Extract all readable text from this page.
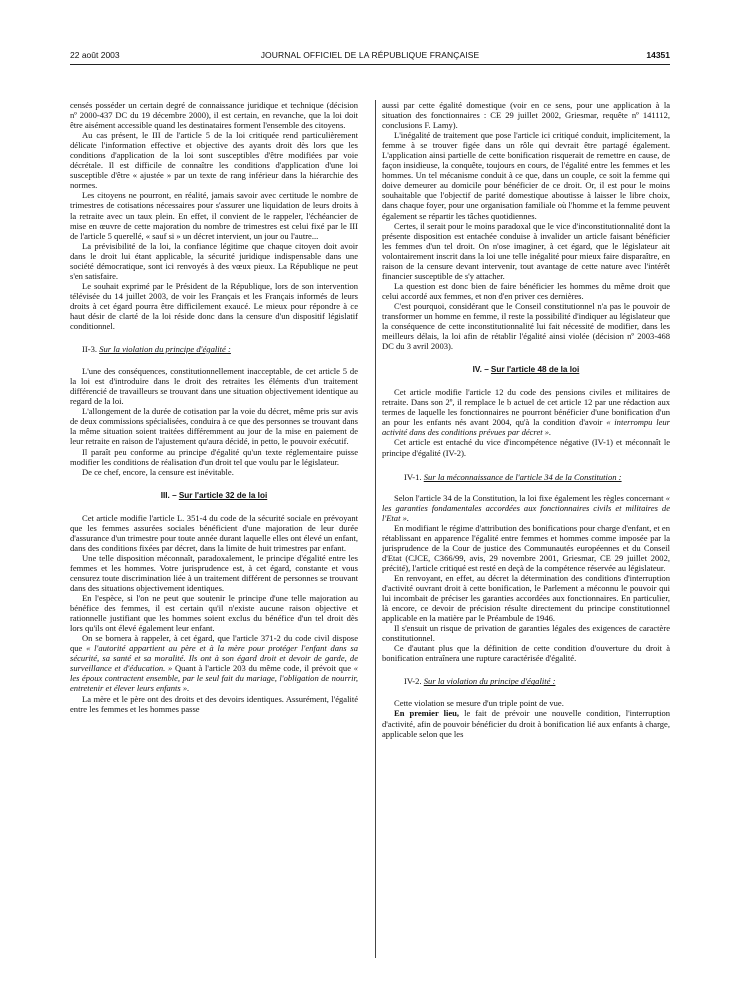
22 août 2003	JOURNAL OFFICIEL DE LA RÉPUBLIQUE FRANÇAISE	14351

censés posséder un certain degré de connaissance juridique et technique (décision nº 2000-437 DC du 19 décembre 2000), il est certain, en revanche, que la loi doit être aisément accessible quand les destinataires forment l'ensemble des citoyens.

Au cas présent, le III de l'article 5 de la loi critiquée rend particulièrement délicate l'information effective et objective des ayants droit dès lors que les conditions d'application de la loi sont susceptibles d'être modifiées par voie décrétale. Il est difficile de connaître les conditions d'application d'une loi susceptible d'être « ajustée » par un texte de rang inférieur dans la hiérarchie des normes.

Les citoyens ne pourront, en réalité, jamais savoir avec certitude le nombre de trimestres de cotisations nécessaires pour s'assurer une liquidation de leurs droits à la retraite avec un taux plein. En effet, il convient de le rappeler, l'échéancier de mise en œuvre de cette majoration du nombre de trimestres est celui fixé par le III de l'article 5 querellé, « sauf si » un décret intervient, un jour ou l'autre...

La prévisibilité de la loi, la confiance légitime que chaque citoyen doit avoir dans le droit lui étant applicable, la sécurité juridique indispensable dans une société démocratique, sont ici renvoyés à des vœux pieux. La République ne peut s'en satisfaire.

Le souhait exprimé par le Président de la République, lors de son intervention télévisée du 14 juillet 2003, de voir les Français et les Français informés de leurs droits à cet égard pourra être difficilement exaucé. Le mieux pour répondre à ce haut désir de clarté de la loi réside donc dans la censure d'un dispositif législatif conditionnel.

II-3. Sur la violation du principe d'égalité :

L'une des conséquences, constitutionnellement inacceptable, de cet article 5 de la loi est d'introduire dans le droit des retraites les éléments d'un traitement différencié de travailleurs se trouvant dans une situation objectivement identique au regard de la loi.

L'allongement de la durée de cotisation par la voie du décret, même pris sur avis de deux commissions spécialisées, conduira à ce que des personnes se trouvant dans la même situation soient traitées différemment au jour de la mise en paiement de leur retraite en raison de l'ajustement qu'aura décidé, in petto, le pouvoir exécutif.

Il paraît peu conforme au principe d'égalité qu'un texte réglementaire puisse modifier les conditions de réalisation d'un droit tel que voulu par le législateur.

De ce chef, encore, la censure est inévitable.

III. – Sur l'article 32 de la loi

Cet article modifie l'article L. 351-4 du code de la sécurité sociale en prévoyant que les femmes assurées sociales bénéficient d'une majoration de leur durée d'assurance d'un trimestre pour toute année durant laquelle elles ont élevé un enfant, dans des conditions fixées par décret, dans la limite de huit trimestres par enfant.

Une telle disposition méconnaît, paradoxalement, le principe d'égalité entre les femmes et les hommes. Votre jurisprudence est, à cet égard, constante et vous censurez toute discrimination liée à un traitement différent de personnes se trouvant dans des situations objectivement identiques.

En l'espèce, si l'on ne peut que soutenir le principe d'une telle majoration au bénéfice des femmes, il est certain qu'il n'existe aucune raison objective et rationnelle justifiant que les hommes soient exclus du bénéfice d'un tel droit dès lors qu'ils ont élevé également leur enfant.

On se bornera à rappeler, à cet égard, que l'article 371-2 du code civil dispose que « l'autorité appartient au père et à la mère pour protéger l'enfant dans sa sécurité, sa santé et sa moralité. Ils ont à son égard droit et devoir de garde, de surveillance et d'éducation. » Quant à l'article 203 du même code, il prévoit que « les époux contractent ensemble, par le seul fait du mariage, l'obligation de nourrir, entretenir et élever leurs enfants ».

La mère et le père ont des droits et des devoirs identiques. Assurément, l'égalité entre les femmes et les hommes passe

aussi par cette égalité domestique (voir en ce sens, pour une application à la situation des fonctionnaires : CE 29 juillet 2002, Griesmar, requête nº 141112, conclusions F. Lamy).

L'inégalité de traitement que pose l'article ici critiqué conduit, implicitement, la femme à se trouver figée dans un rôle qui devrait être partagé également. L'application ainsi partielle de cette bonification risquerait de remettre en cause, de façon insidieuse, la conquête, toujours en cours, de l'égalité entre les femmes et les hommes. Un tel mécanisme conduit à ce que, dans un couple, ce soit la femme qui doive demeurer au domicile pour bénéficier de ce droit. Or, il est pour le moins souhaitable que l'objectif de parité domestique aboutisse à laisser le libre choix, dans chaque foyer, pour une organisation familiale où l'homme et la femme peuvent également se répartir les tâches quotidiennes.

Certes, il serait pour le moins paradoxal que le vice d'inconstitutionnalité dont la présente disposition est entachée conduise à invalider un article faisant bénéficier les femmes d'un tel droit. On n'ose imaginer, à cet égard, que le législateur ait volontairement inscrit dans la loi une telle inégalité pour mieux faire disparaître, en raison de la censure devant intervenir, tout avantage de cette nature avec l'intérêt financier susceptible de s'y attacher.

La question est donc bien de faire bénéficier les hommes du même droit que celui accordé aux femmes, et non d'en priver ces dernières.

C'est pourquoi, considérant que le Conseil constitutionnel n'a pas le pouvoir de transformer un homme en femme, il reste la possibilité d'indiquer au législateur que la conséquence de cette inconstitutionnalité lui fait nécessité de modifier, dans les meilleurs délais, la loi afin de rétablir l'égalité ainsi violée (décision nº 2003-468 DC du 3 avril 2003).

IV. – Sur l'article 48 de la loi

Cet article modifie l'article 12 du code des pensions civiles et militaires de retraite. Dans son 2º, il remplace le b actuel de cet article 12 par une rédaction aux termes de laquelle les fonctionnaires ne pourront bénéficier d'une bonification d'un an pour les enfants nés avant 2004, qu'à la condition d'avoir « interrompu leur activité dans des conditions prévues par décret ».

Cet article est entaché du vice d'incompétence négative (IV-1) et méconnaît le principe d'égalité (IV-2).

IV-1. Sur la méconnaissance de l'article 34 de la Constitution :

Selon l'article 34 de la Constitution, la loi fixe également les règles concernant « les garanties fondamentales accordées aux fonctionnaires civils et militaires de l'Etat ».

En modifiant le régime d'attribution des bonifications pour charge d'enfant, et en rétablissant en apparence l'égalité entre femmes et hommes comme imposée par la jurisprudence de la Cour de justice des Communautés européennes et du Conseil d'Etat (CJCE, C366/99, avis, 29 novembre 2001, Griesmar, CE 29 juillet 2002, précité), l'article critiqué est resté en deçà de la compétence réservée au législateur.

En renvoyant, en effet, au décret la détermination des conditions d'interruption d'activité ouvrant droit à cette bonification, le Parlement a méconnu le pouvoir qui lui incombait de préciser les garanties accordées aux fonctionnaires. En particulier, là encore, ce devoir de précision résulte directement du principe constitutionnel applicable en la matière par le Préambule de 1946.

Il s'ensuit un risque de privation de garanties légales des exigences de caractère constitutionnel.

Ce d'autant plus que la définition de cette condition d'ouverture du droit à bonification entraînera une rupture caractérisée d'égalité.

IV-2. Sur la violation du principe d'égalité :

Cette violation se mesure d'un triple point de vue.

En premier lieu, le fait de prévoir une nouvelle condition, l'interruption d'activité, afin de pouvoir bénéficier du droit à bonification lié aux enfants à charge, applicable selon que les
